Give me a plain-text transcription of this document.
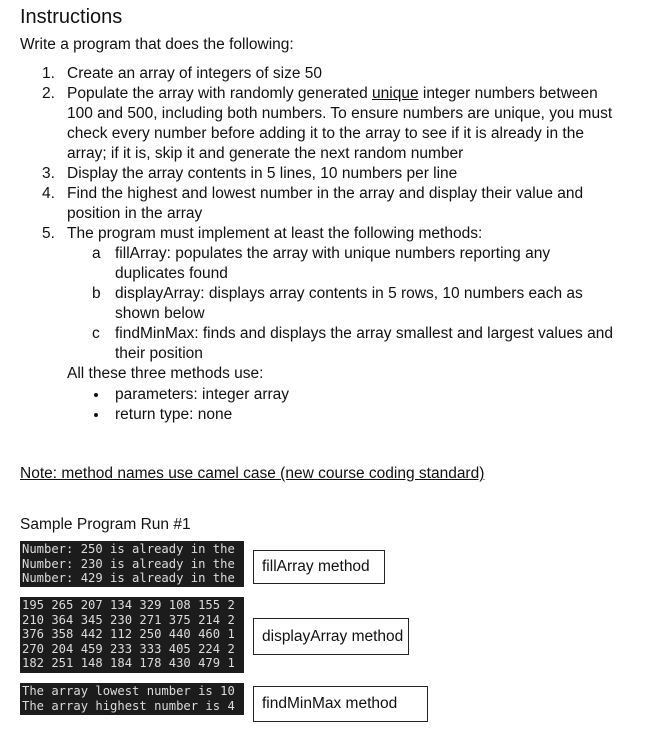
Instructions
Write a program that does the following:
1. Create an array of integers of size 50
2. Populate the array with randomly generated unique integer numbers between
100 and 500, including both numbers. To ensure numbers are unique, you must
check every number before adding it to the array to see if it is already in the
array; if it is, skip it and generate the next random number
3. Display the array contents in 5 lines, 10 numbers per line
4. Find the highest and lowest number in the array and display their value and
position in the array
5. The program must implement at least the following methods:
a fillArray: populates the array with unique numbers reporting any
duplicates found
b displayArray: displays array contents in 5 rows, 10 numbers each as
shown below
c findMinMax: finds and displays the array smallest and largest values and
their position
All these three methods use:
parameters: integer array
return type: none
Note: method names use camel case (new course coding standard)
Sample Program Run #1
Number: 250 is already in the
Number: 230 is already in the
Number: 429 is already in the
195 265 207 134 329 108 155 2
210 364 345 230 271 375 214 2
376 358 442 112 250 440 460 1
270 204 459 233 333 405 224 2
182 251 148 184 178 430 479 1
The array lowest number is 10
The array highest number is 4
fillArray method
displayArray method
findMinMax method
